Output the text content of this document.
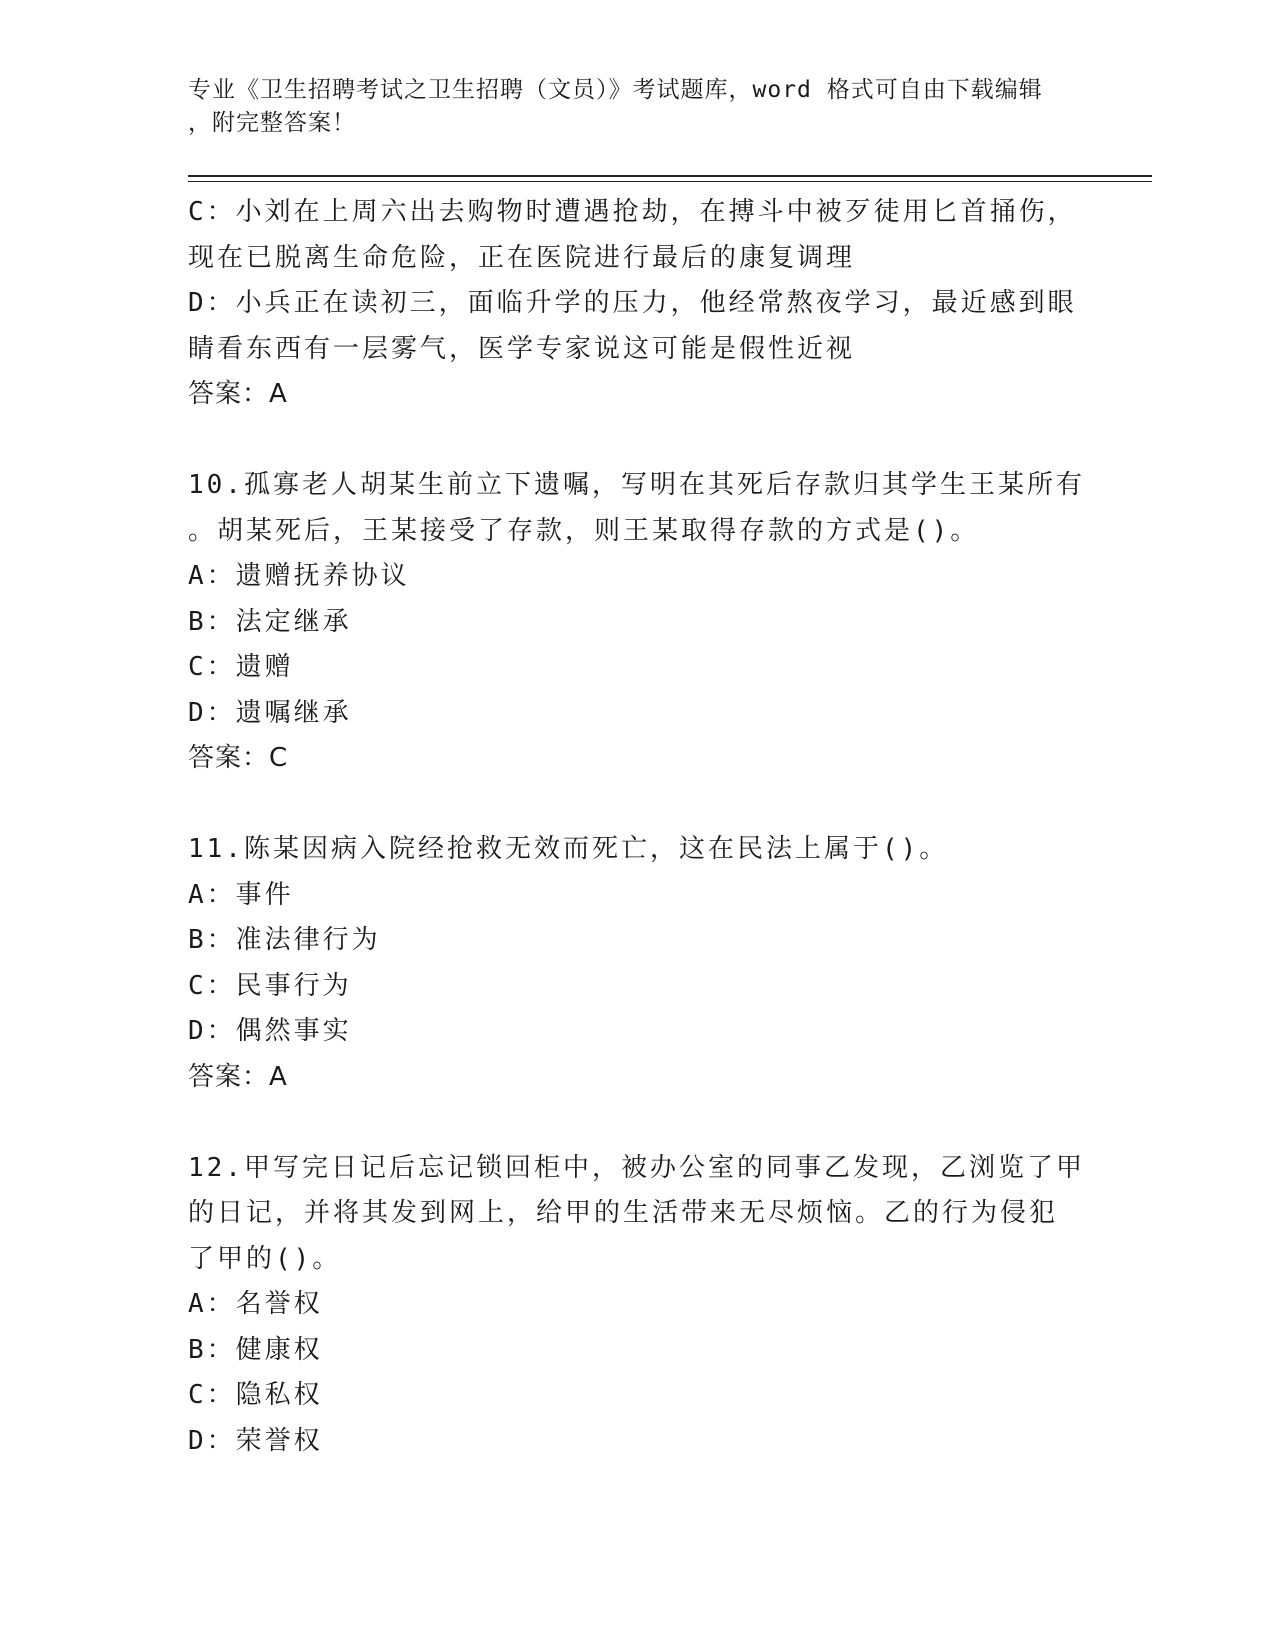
专业《卫生招聘考试之卫生招聘（文员）》考试题库，word 格式可自由下载编辑
，附完整答案！
C：小刘在上周六出去购物时遭遇抢劫，在搏斗中被歹徒用匕首捅伤，
现在已脱离生命危险，正在医院进行最后的康复调理
D：小兵正在读初三，面临升学的压力，他经常熬夜学习，最近感到眼
睛看东西有一层雾气，医学专家说这可能是假性近视
答案：A
10.孤寡老人胡某生前立下遗嘱，写明在其死后存款归其学生王某所有
。胡某死后，王某接受了存款，则王某取得存款的方式是()。
A：遗赠抚养协议
B：法定继承
C：遗赠
D：遗嘱继承
答案：C
11.陈某因病入院经抢救无效而死亡，这在民法上属于()。
A：事件
B：准法律行为
C：民事行为
D：偶然事实
答案：A
12.甲写完日记后忘记锁回柜中，被办公室的同事乙发现，乙浏览了甲
的日记，并将其发到网上，给甲的生活带来无尽烦恼。乙的行为侵犯
了甲的()。
A：名誉权
B：健康权
C：隐私权
D：荣誉权
